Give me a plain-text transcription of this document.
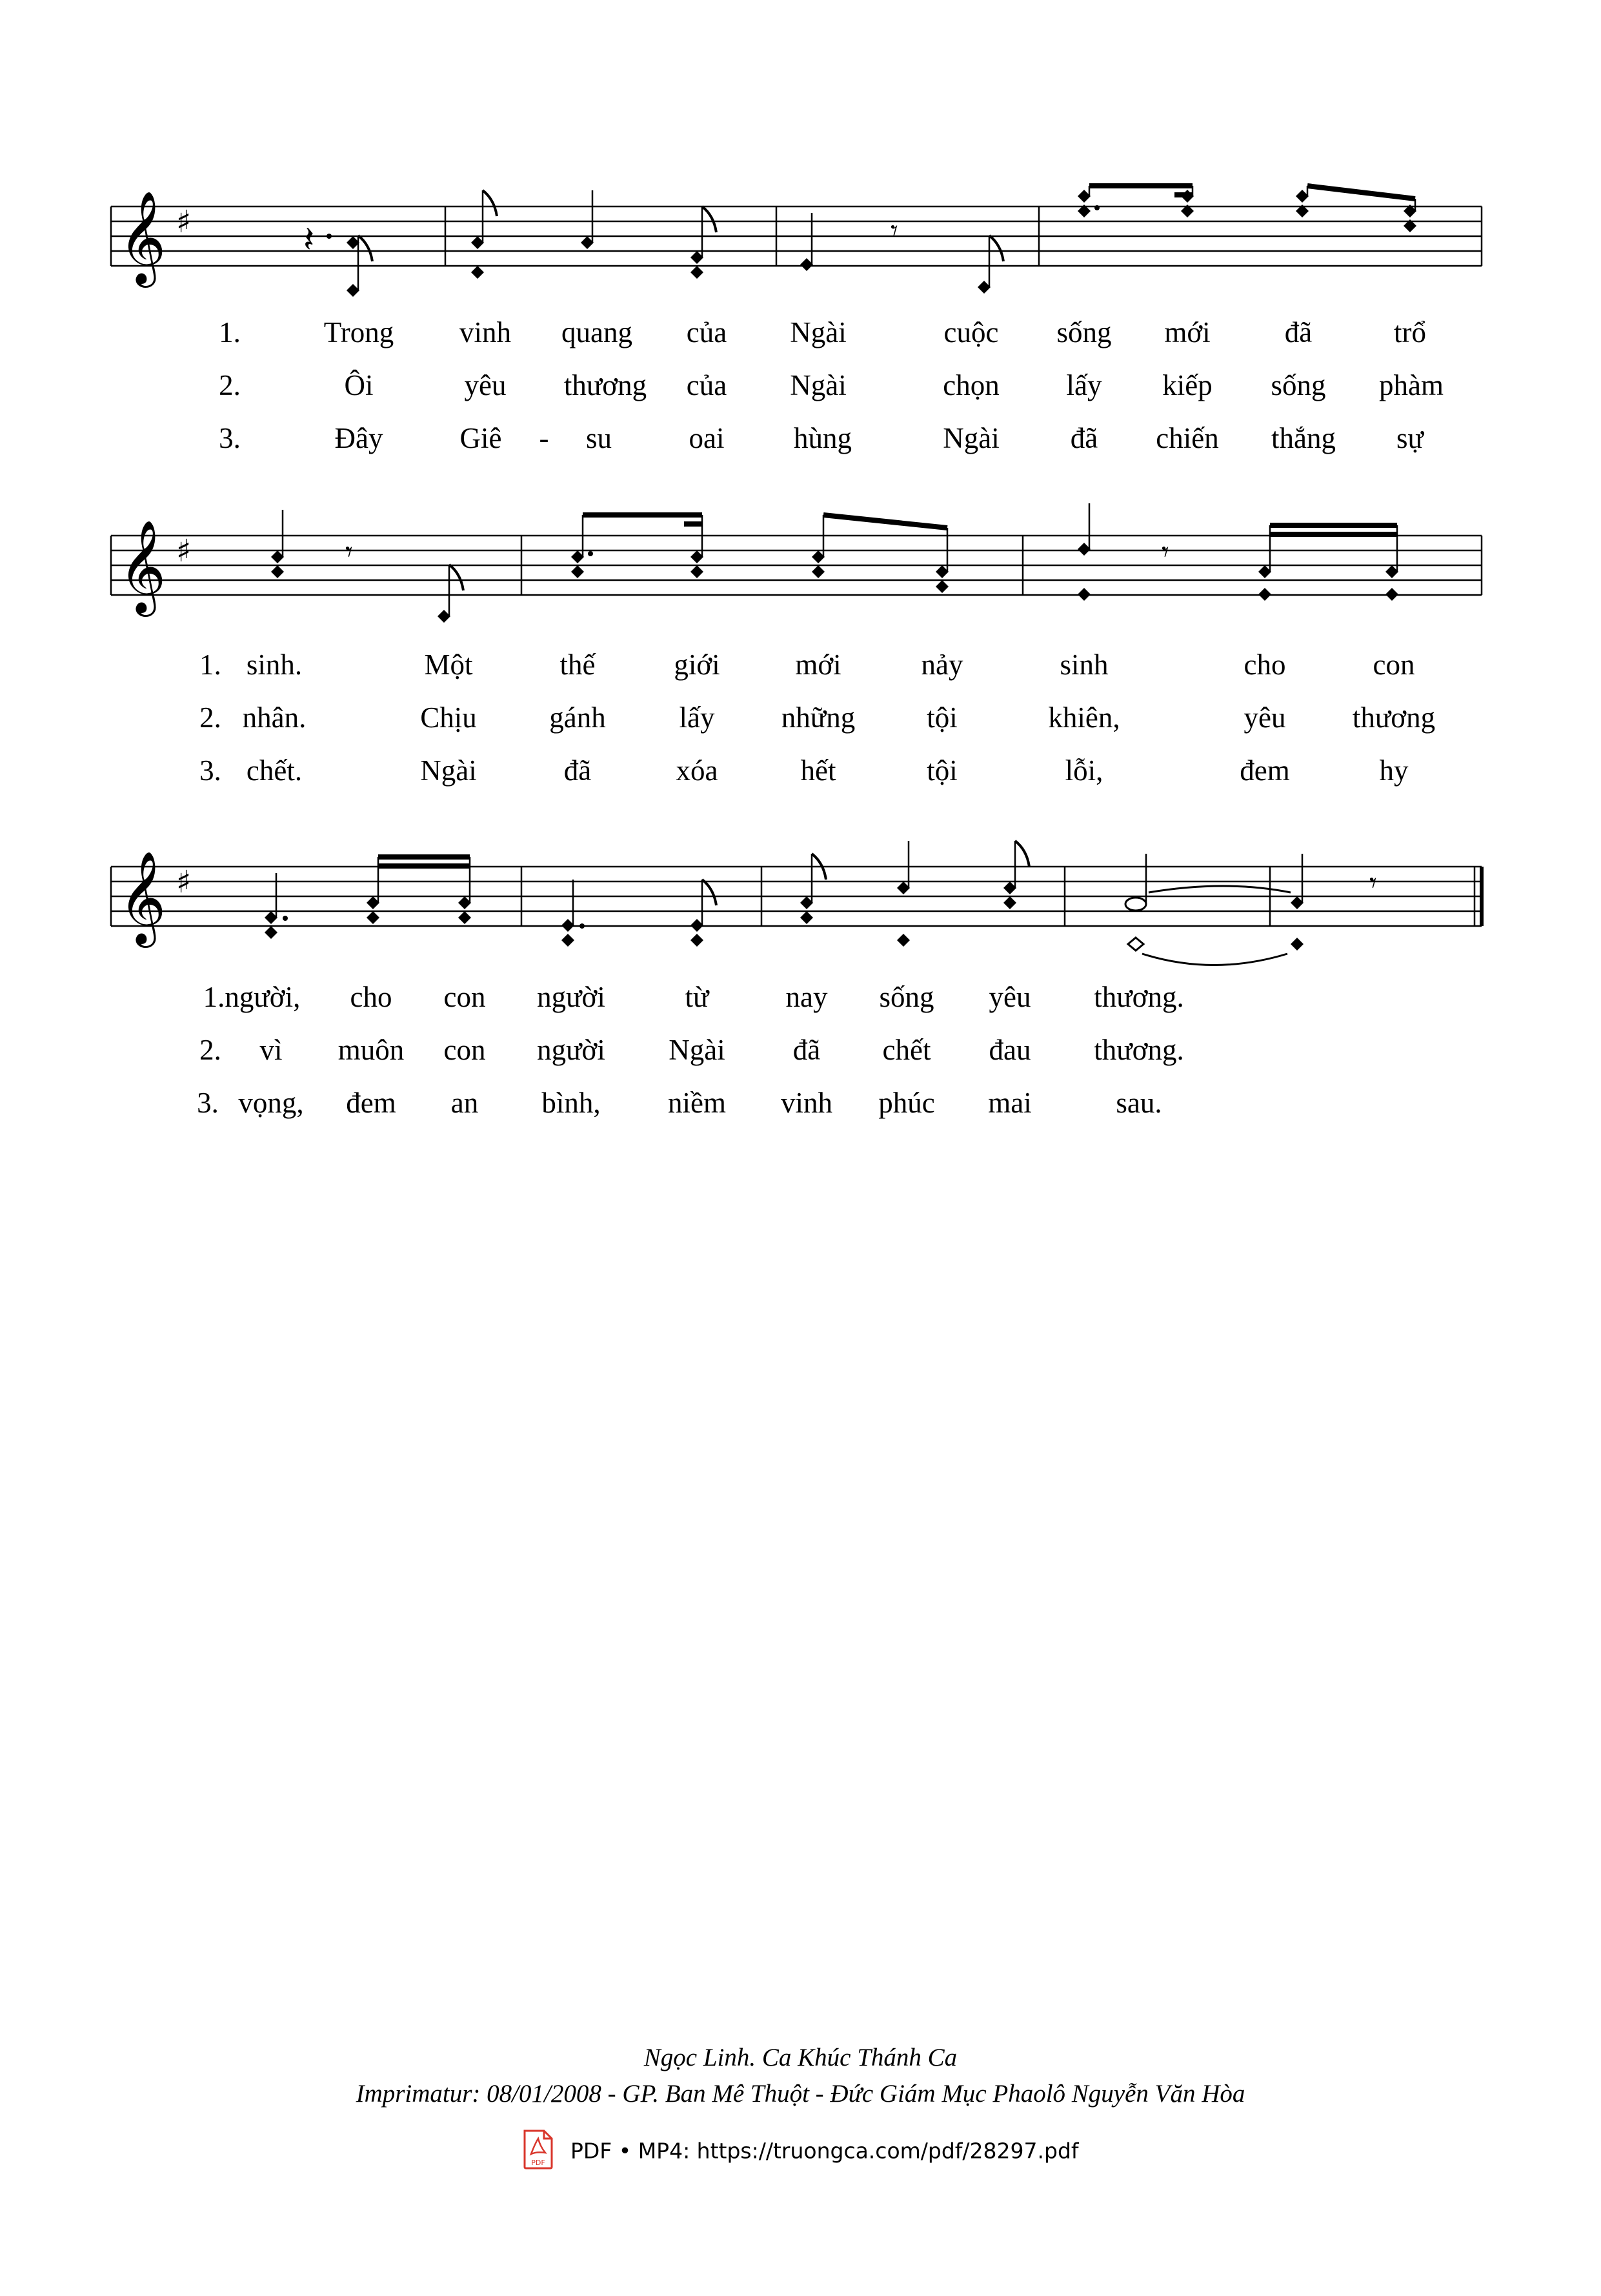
𝄞 ♯	𝄽	𝄾
𝄞 ♯	𝄾	𝄾
𝄞 ♯	𝄾
1.	Trong vinh quang của Ngài	cuộc sống mới	đã	trổ
2.	Ôi	yêu thương của Ngài	chọn lấy kiếp sống phàm
3.	Đây	Giê - su	oai hùng	Ngài đã chiến thắng sự
1. sinh.	Một	thế	giới	mới	nảy	sinh	cho	con
2. nhân.	Chịu gánh	lấy những tội	khiên,	yêu thương
3. chết.	Ngài	đã	xóa	hết	tội	lỗi,	đem	hy
1.người, cho con người	từ	nay sống yêu thương.
2. vì muôn con người Ngài đã chết đau thương.
3. vọng, đem an bình, niềm vinh phúc mai	sau.
Ngọc Linh. Ca Khúc Thánh Ca
Imprimatur: 08/01/2008 - GP. Ban Mê Thuột - Đức Giám Mục Phaolô Nguyễn Văn Hòa
PDF PDF • MP4: https://truongca.com/pdf/28297.pdf
